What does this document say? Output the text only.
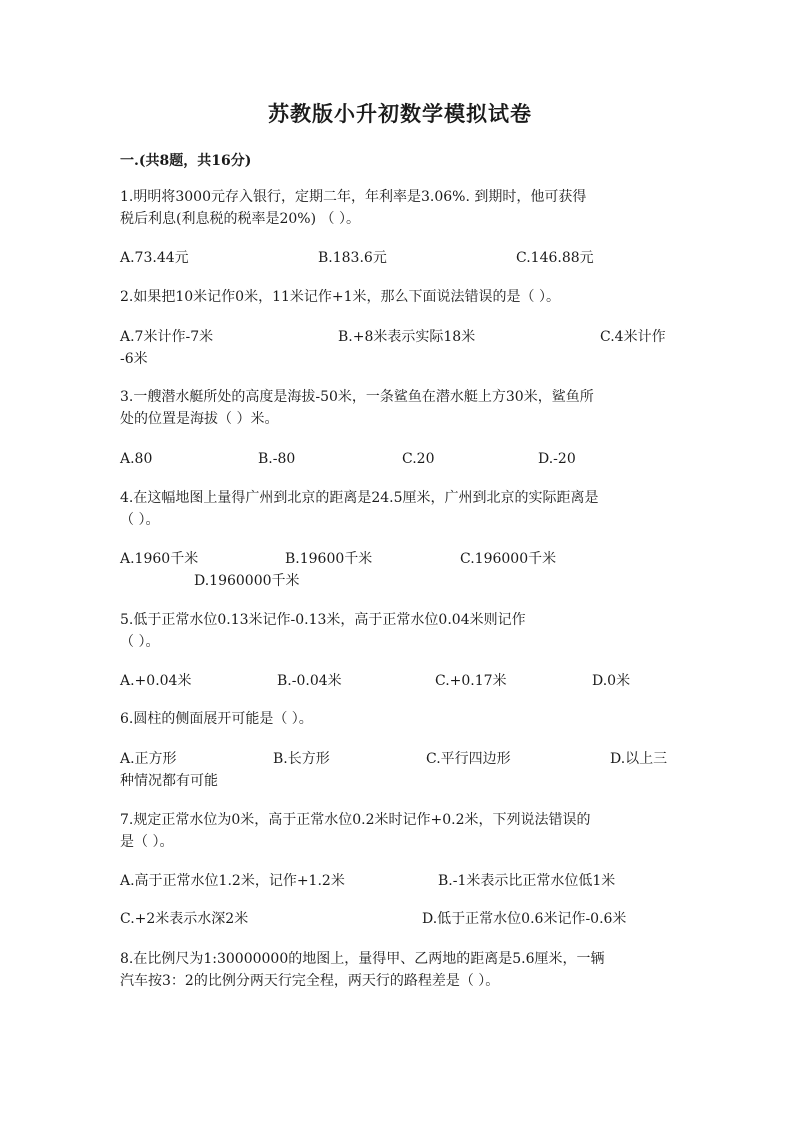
苏教版小升初数学模拟试卷
一.(共8题，共16分)
1.明明将3000元存入银行，定期二年，年利率是3.06%. 到期时，他可获得
税后利息(利息税的税率是20%) （ ）。
A.73.44元	B.183.6元	C.146.88元
2.如果把10米记作0米，11米记作+1米，那么下面说法错误的是（ ）。
A.7米计作-7米	B.+8米表示实际18米	C.4米计作
-6米
3.一艘潜水艇所处的高度是海拔-50米，一条鲨鱼在潜水艇上方30米，鲨鱼所
处的位置是海拔（ ）米。
A.80	B.-80	C.20	D.-20
4.在这幅地图上量得广州到北京的距离是24.5厘米，广州到北京的实际距离是
（ ）。
A.1960千米	B.19600千米	C.196000千米
D.1960000千米
5.低于正常水位0.13米记作-0.13米，高于正常水位0.04米则记作
（ ）。
A.+0.04米	B.-0.04米	C.+0.17米	D.0米
6.圆柱的侧面展开可能是（ ）。
A.正方形	B.长方形	C.平行四边形	D.以上三
种情况都有可能
7.规定正常水位为0米，高于正常水位0.2米时记作+0.2米，下列说法错误的
是（ ）。
A.高于正常水位1.2米，记作+1.2米	B.-1米表示比正常水位低1米
C.+2米表示水深2米	D.低于正常水位0.6米记作-0.6米
8.在比例尺为1:30000000的地图上，量得甲、乙两地的距离是5.6厘米，一辆
汽车按3：2的比例分两天行完全程，两天行的路程差是（ ）。
